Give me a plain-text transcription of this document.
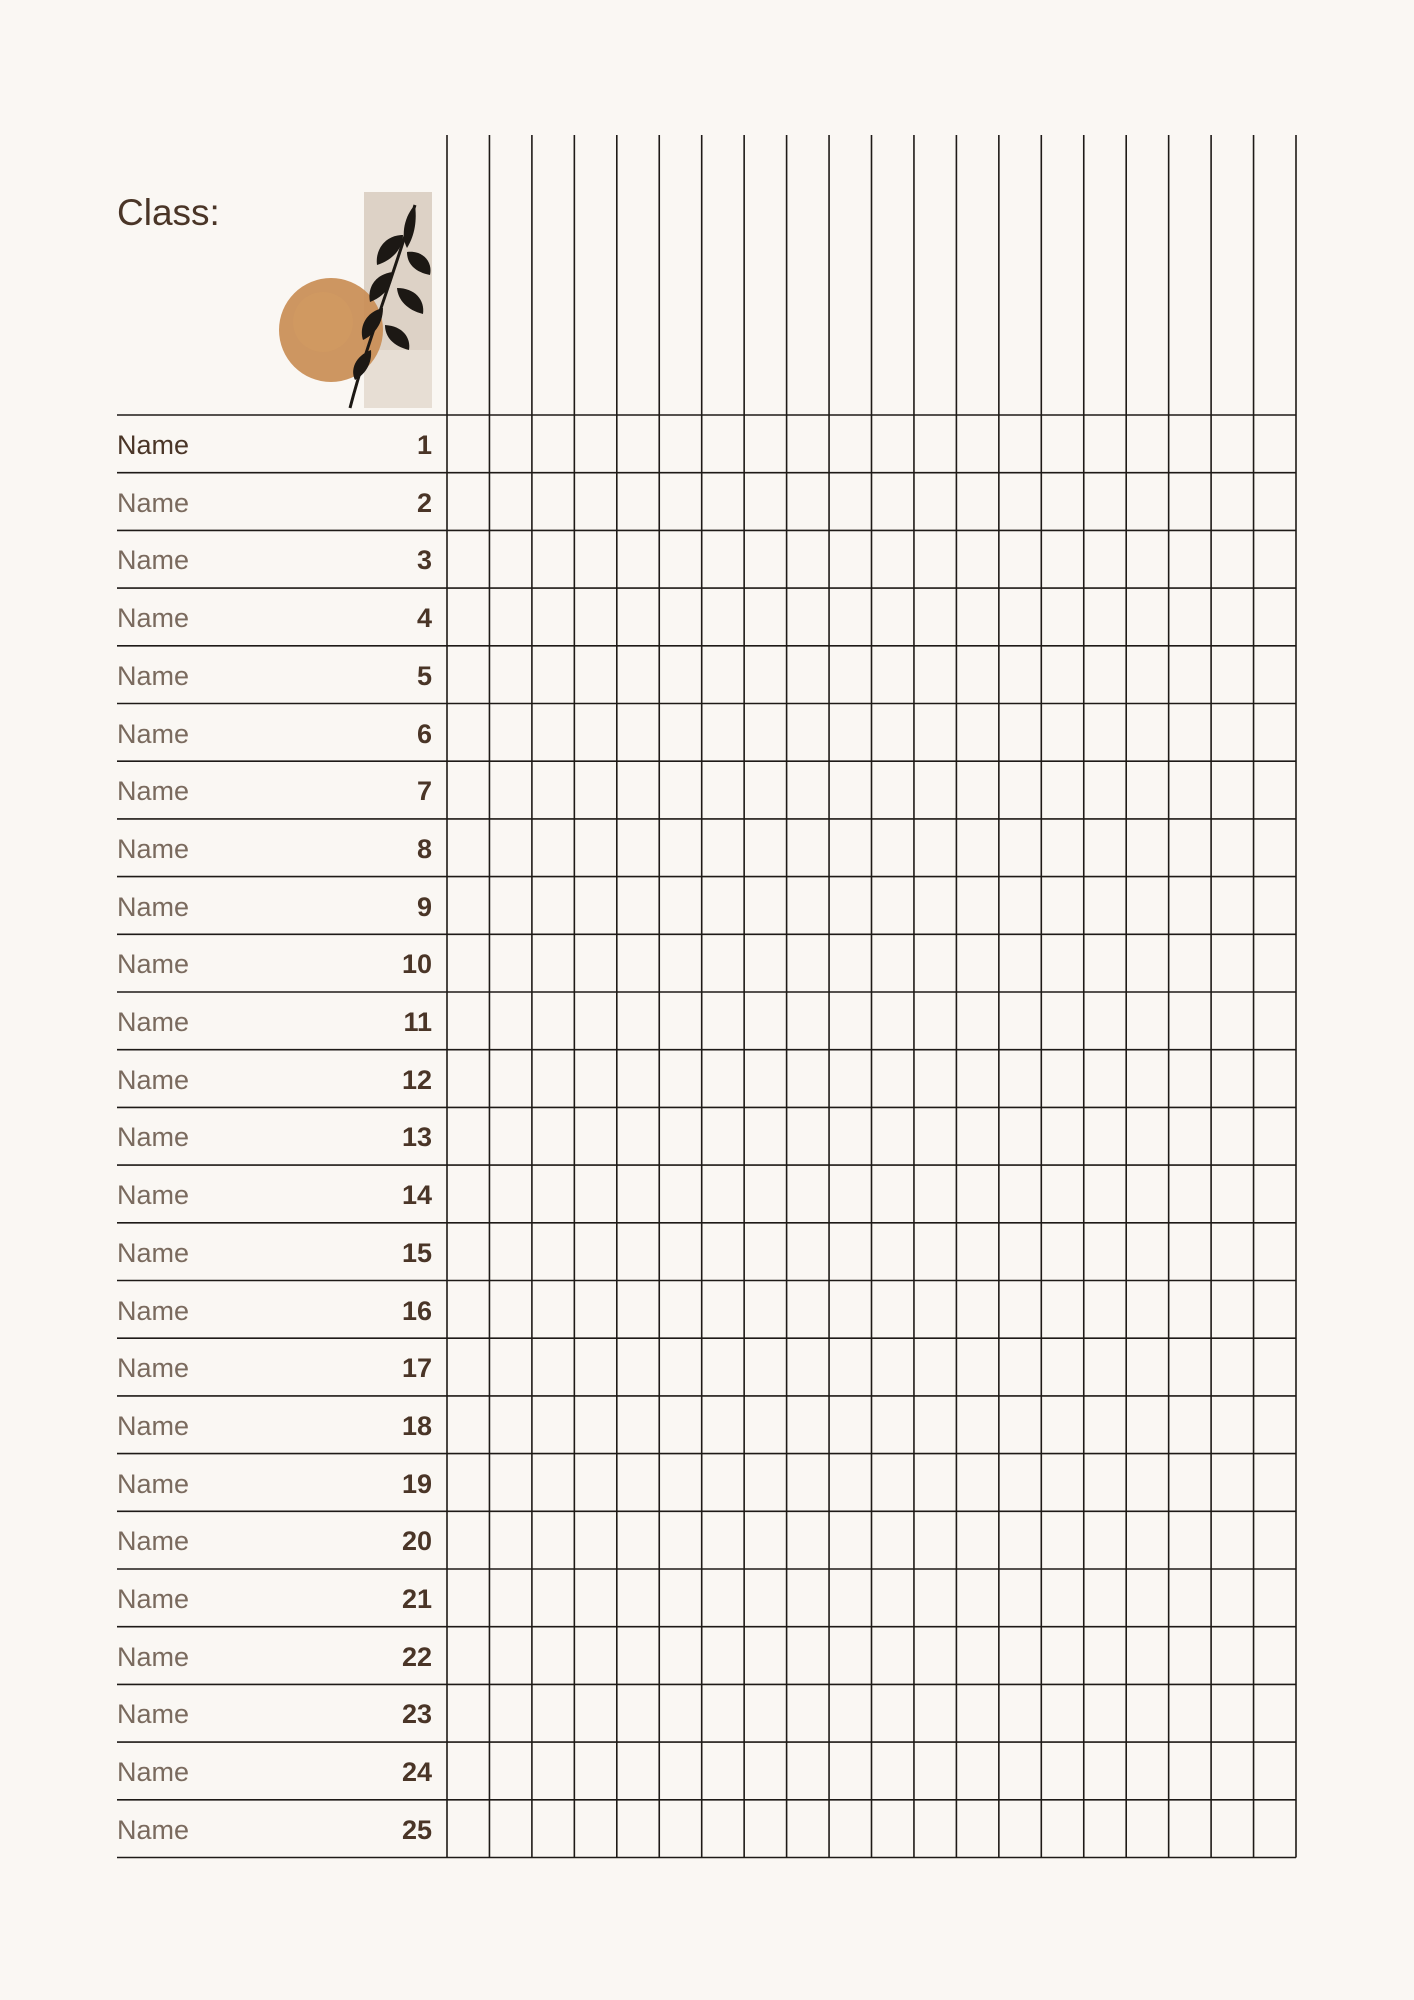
Class:
Name	1
Name	2
Name	3
Name	4
Name	5
Name	6
Name	7
Name	8
Name	9
Name	10
Name	11
Name	12
Name	13
Name	14
Name	15
Name	16
Name	17
Name	18
Name	19
Name	20
Name	21
Name	22
Name	23
Name	24
Name	25
